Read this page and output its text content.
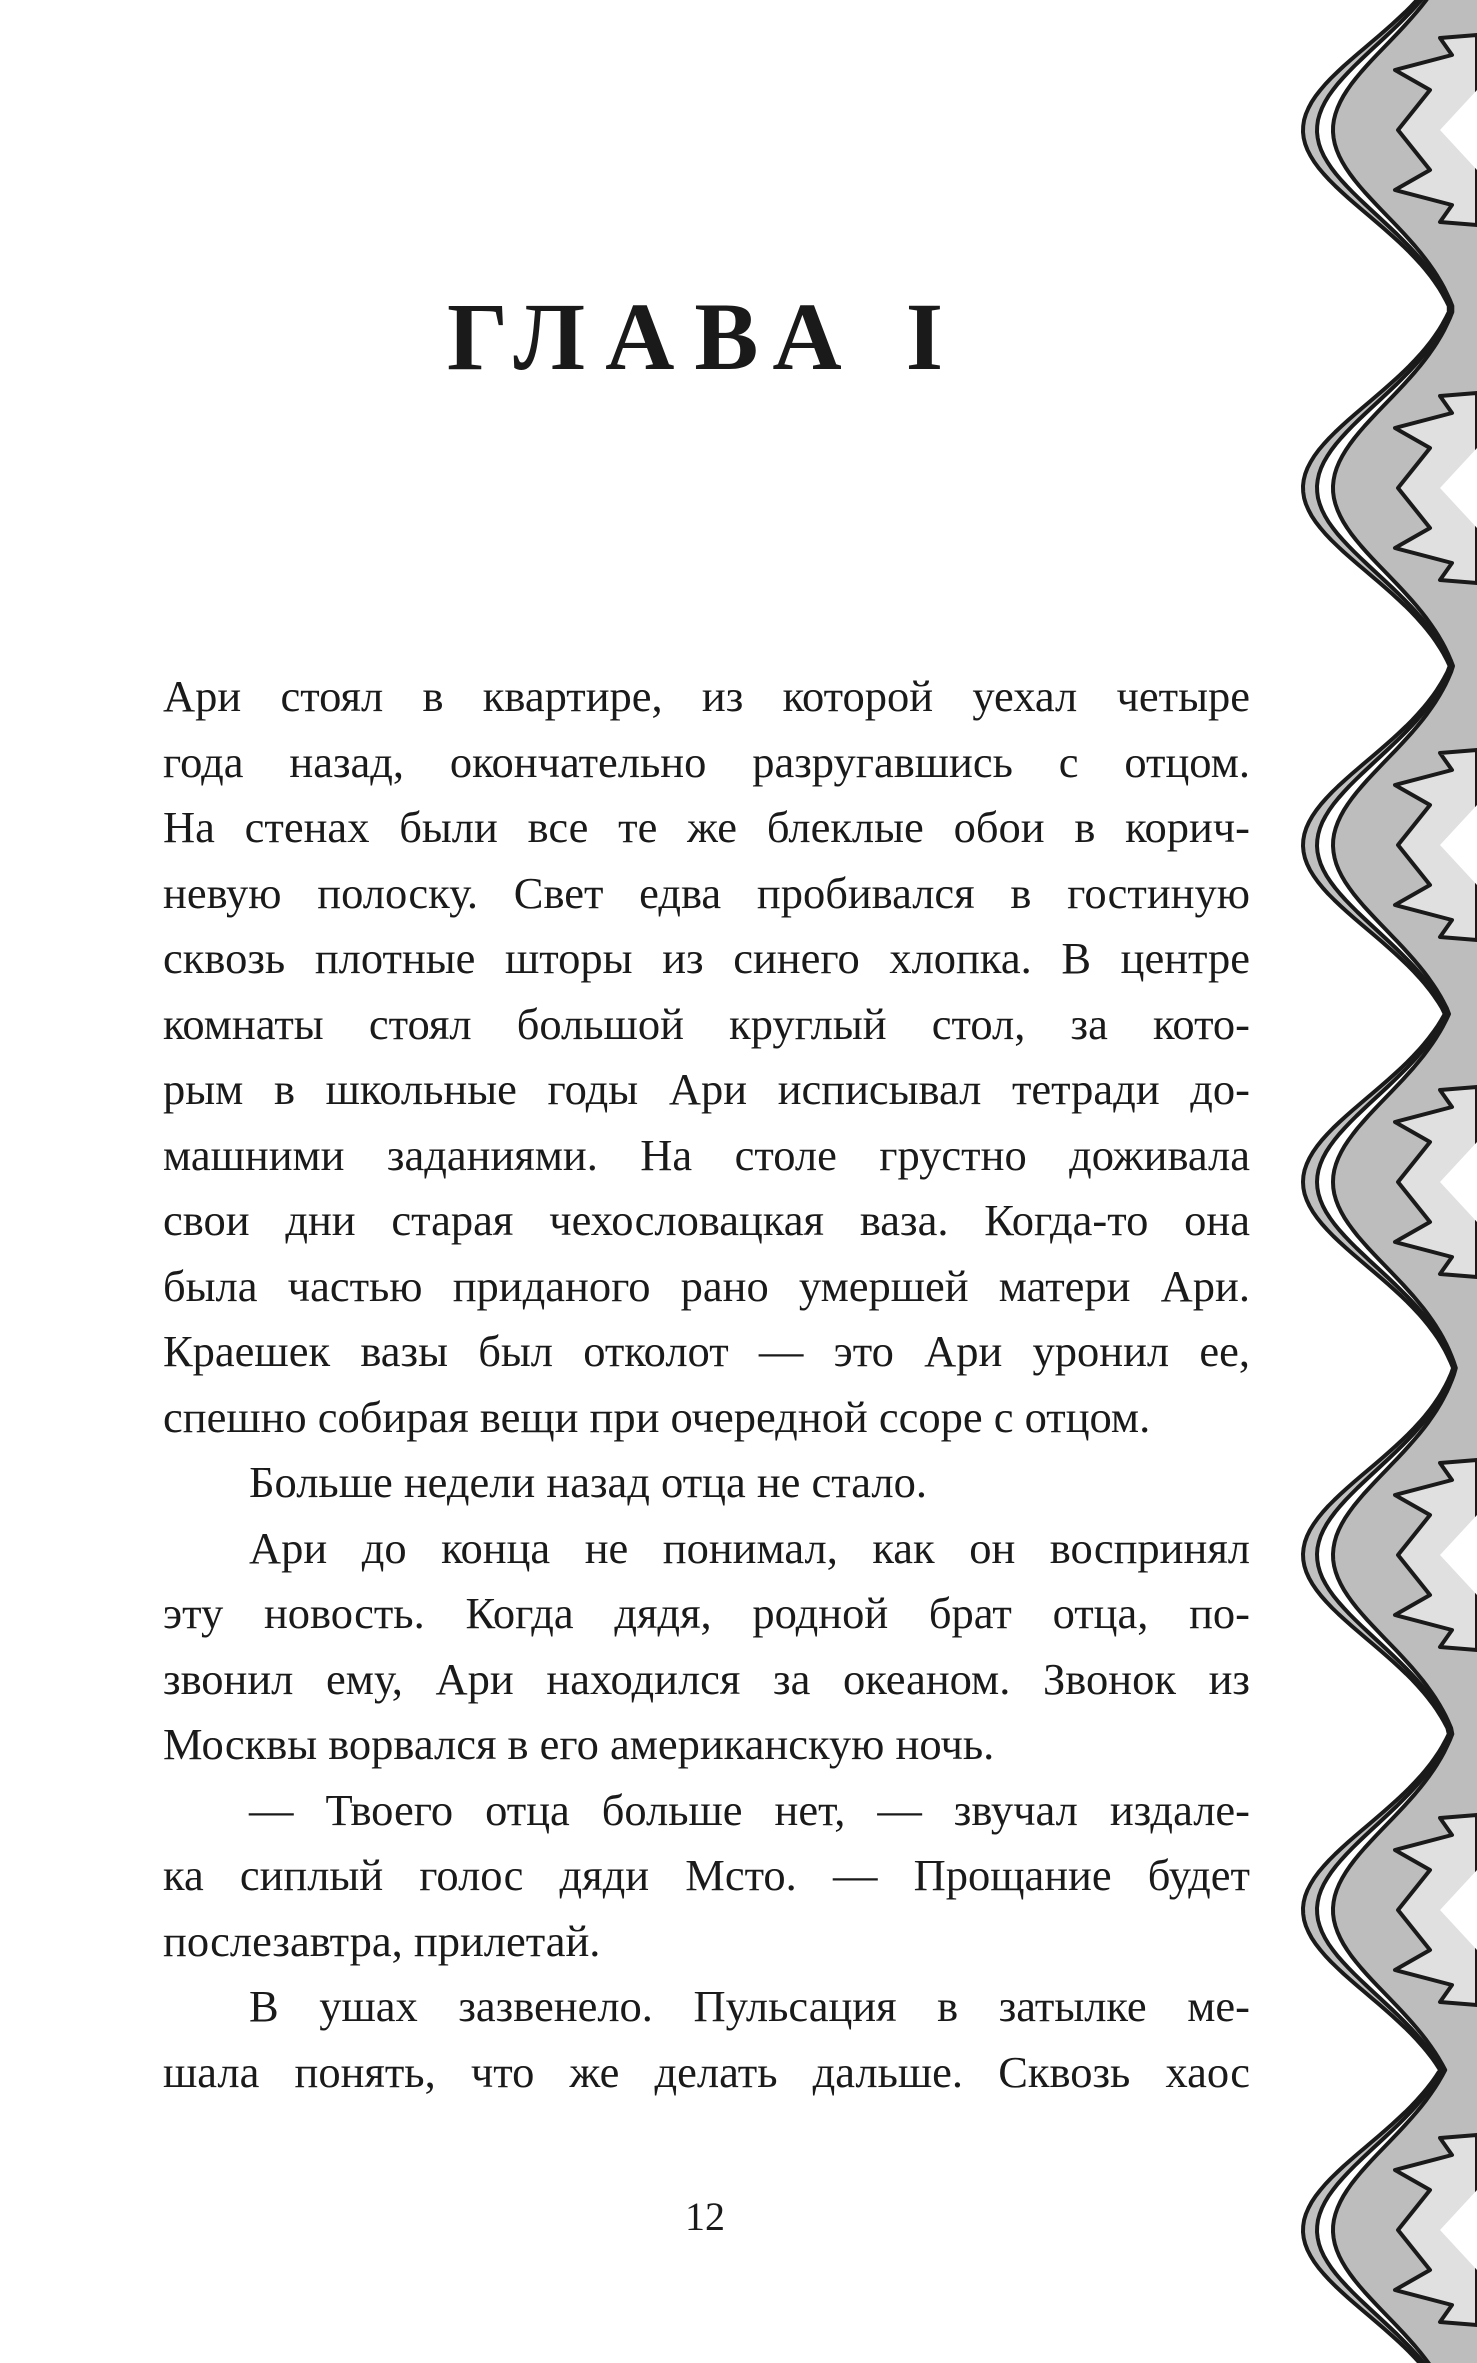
ГЛАВА I
Ари стоял в квартире, из которой уехал четыре
года назад, окончательно разругавшись с отцом.
На стенах были все те же блеклые обои в корич-
невую полоску. Свет едва пробивался в гостиную
сквозь плотные шторы из синего хлопка. В центре
комнаты стоял большой круглый стол, за кото-
рым в школьные годы Ари исписывал тетради до-
машними заданиями. На столе грустно доживала
свои дни старая чехословацкая ваза. Когда-то она
была частью приданого рано умершей матери Ари.
Краешек вазы был отколот — это Ари уронил ее,
спешно собирая вещи при очередной ссоре с отцом.
Больше недели назад отца не стало.
Ари до конца не понимал, как он воспринял
эту новость. Когда дядя, родной брат отца, по-
звонил ему, Ари находился за океаном. Звонок из
Москвы ворвался в его американскую ночь.
— Твоего отца больше нет, — звучал издале-
ка сиплый голос дяди Мсто. — Прощание будет
послезавтра, прилетай.
В ушах зазвенело. Пульсация в затылке ме-
шала понять, что же делать дальше. Сквозь хаос
12
